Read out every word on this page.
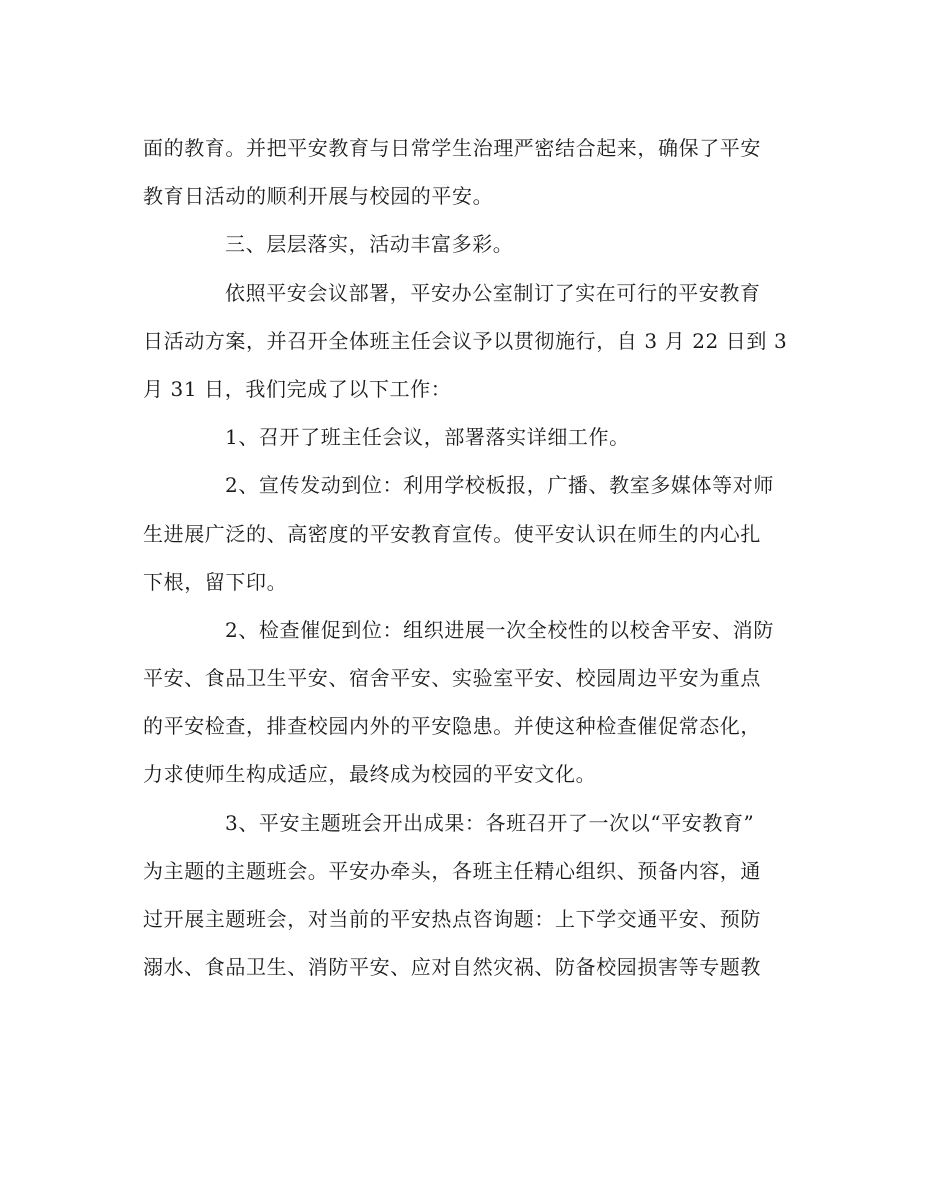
面的教育。并把平安教育与日常学生治理严密结合起来，确保了平安
教育日活动的顺利开展与校园的平安。
三、层层落实，活动丰富多彩。
依照平安会议部署，平安办公室制订了实在可行的平安教育
日活动方案，并召开全体班主任会议予以贯彻施行，自 3 月 22 日到 3
月 31 日，我们完成了以下工作：
1、召开了班主任会议，部署落实详细工作。
2、宣传发动到位：利用学校板报，广播、教室多媒体等对师
生进展广泛的、高密度的平安教育宣传。使平安认识在师生的内心扎
下根，留下印。
2、检查催促到位：组织进展一次全校性的以校舍平安、消防
平安、食品卫生平安、宿舍平安、实验室平安、校园周边平安为重点
的平安检查，排查校园内外的平安隐患。并使这种检查催促常态化，
力求使师生构成适应，最终成为校园的平安文化。
3、平安主题班会开出成果：各班召开了一次以“平安教育”
为主题的主题班会。平安办牵头，各班主任精心组织、预备内容，通
过开展主题班会，对当前的平安热点咨询题：上下学交通平安、预防
溺水、食品卫生、消防平安、应对自然灾祸、防备校园损害等专题教
